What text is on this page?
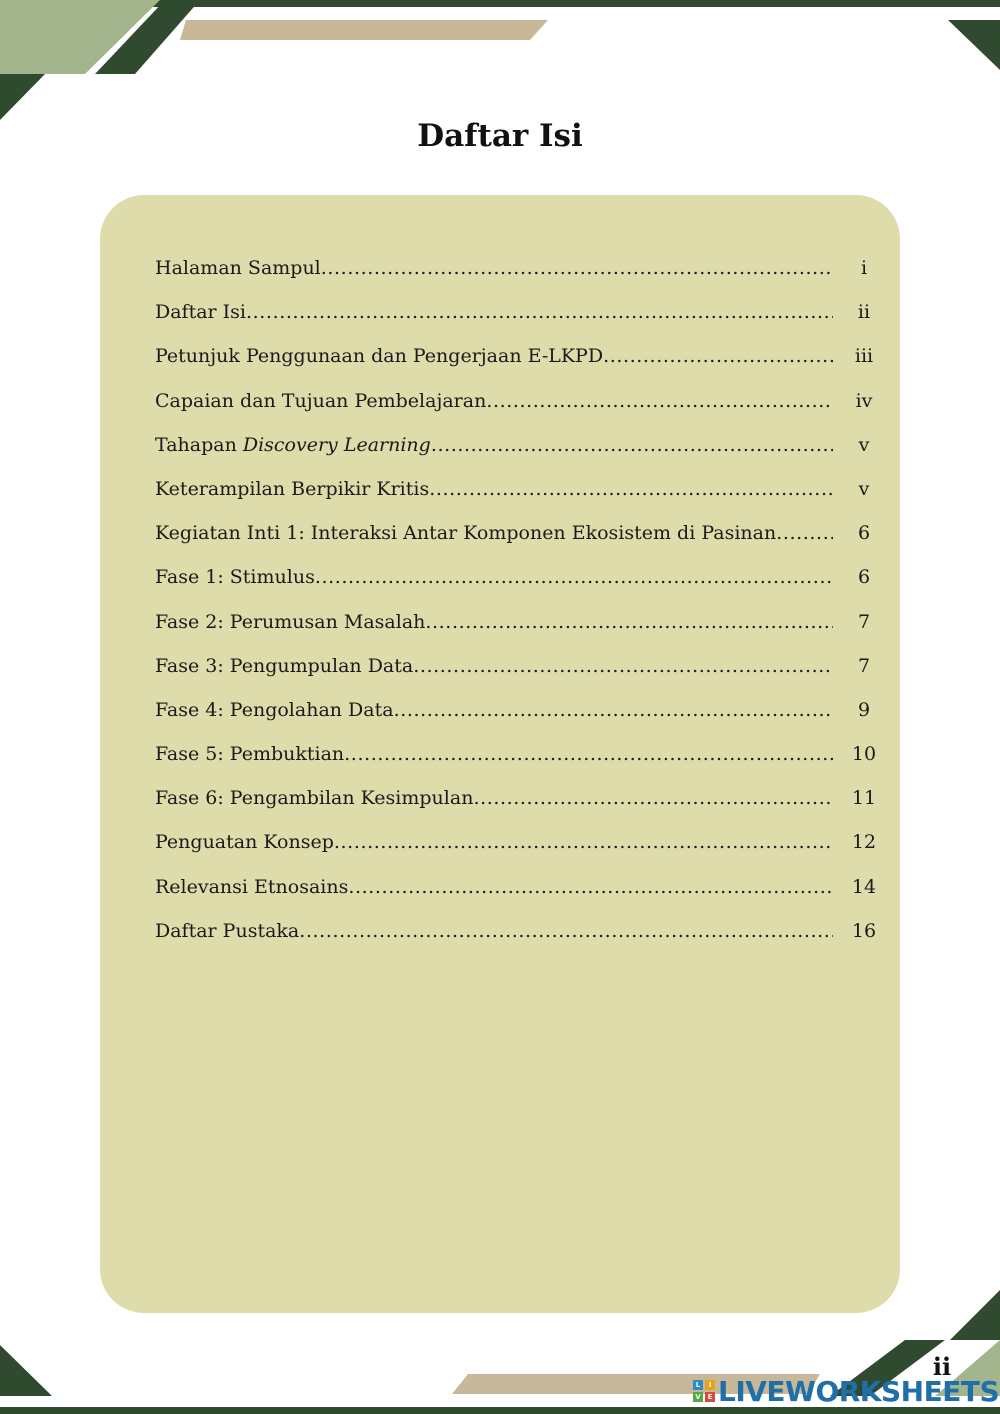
Daftar Isi
Halaman Sampul .....	i
Daftar Isi .....	ii
Petunjuk Penggunaan dan Pengerjaan E-LKPD .....	iii
Capaian dan Tujuan Pembelajaran .....	iv
Tahapan Discovery Learning .....	v
Keterampilan Berpikir Kritis .....	v
Kegiatan Inti 1: Interaksi Antar Komponen Ekosistem di Pasinan .....	6
Fase 1: Stimulus .....	6
Fase 2: Perumusan Masalah .....	7
Fase 3: Pengumpulan Data .....	7
Fase 4: Pengolahan Data .....	9
Fase 5: Pembuktian .....	10
Fase 6: Pengambilan Kesimpulan .....	11
Penguatan Konsep .....	12
Relevansi Etnosains .....	14
Daftar Pustaka .....	16
ii
L	I
V E LIVEWORKSHEETS
